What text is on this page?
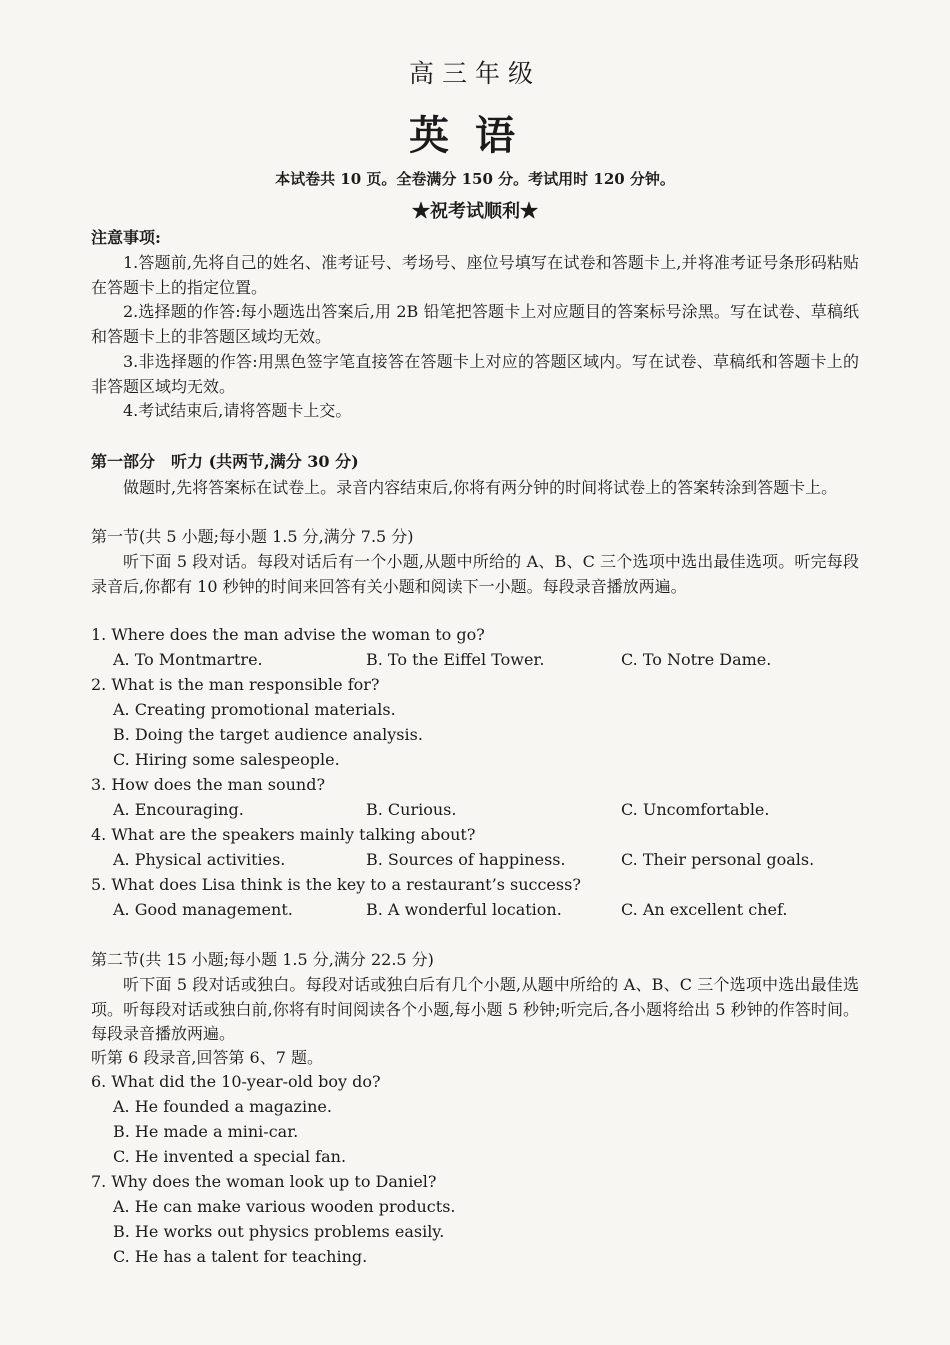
高三年级
英语
本试卷共 10 页。全卷满分 150 分。考试用时 120 分钟。
★祝考试顺利★
注意事项:
1.答题前,先将自己的姓名、准考证号、考场号、座位号填写在试卷和答题卡上,并将准考证号条形码粘贴在答题卡上的指定位置。
2.选择题的作答:每小题选出答案后,用 2B 铅笔把答题卡上对应题目的答案标号涂黑。写在试卷、草稿纸和答题卡上的非答题区域均无效。
3.非选择题的作答:用黑色签字笔直接答在答题卡上对应的答题区域内。写在试卷、草稿纸和答题卡上的非答题区域均无效。
4.考试结束后,请将答题卡上交。
第一部分　听力 (共两节,满分 30 分)
做题时,先将答案标在试卷上。录音内容结束后,你将有两分钟的时间将试卷上的答案转涂到答题卡上。
第一节(共 5 小题;每小题 1.5 分,满分 7.5 分)
听下面 5 段对话。每段对话后有一个小题,从题中所给的 A、B、C 三个选项中选出最佳选项。听完每段录音后,你都有 10 秒钟的时间来回答有关小题和阅读下一小题。每段录音播放两遍。
1. Where does the man advise the woman to go?
A. To Montmartre.	B. To the Eiffel Tower.	C. To Notre Dame.
2. What is the man responsible for?
A. Creating promotional materials.
B. Doing the target audience analysis.
C. Hiring some salespeople.
3. How does the man sound?
A. Encouraging.	B. Curious.	C. Uncomfortable.
4. What are the speakers mainly talking about?
A. Physical activities.	B. Sources of happiness.	C. Their personal goals.
5. What does Lisa think is the key to a restaurant’s success?
A. Good management.	B. A wonderful location.	C. An excellent chef.
第二节(共 15 小题;每小题 1.5 分,满分 22.5 分)
听下面 5 段对话或独白。每段对话或独白后有几个小题,从题中所给的 A、B、C 三个选项中选出最佳选项。听每段对话或独白前,你将有时间阅读各个小题,每小题 5 秒钟;听完后,各小题将给出 5 秒钟的作答时间。每段录音播放两遍。
听第 6 段录音,回答第 6、7 题。
6. What did the 10-year-old boy do?
A. He founded a magazine.
B. He made a mini-car.
C. He invented a special fan.
7. Why does the woman look up to Daniel?
A. He can make various wooden products.
B. He works out physics problems easily.
C. He has a talent for teaching.
